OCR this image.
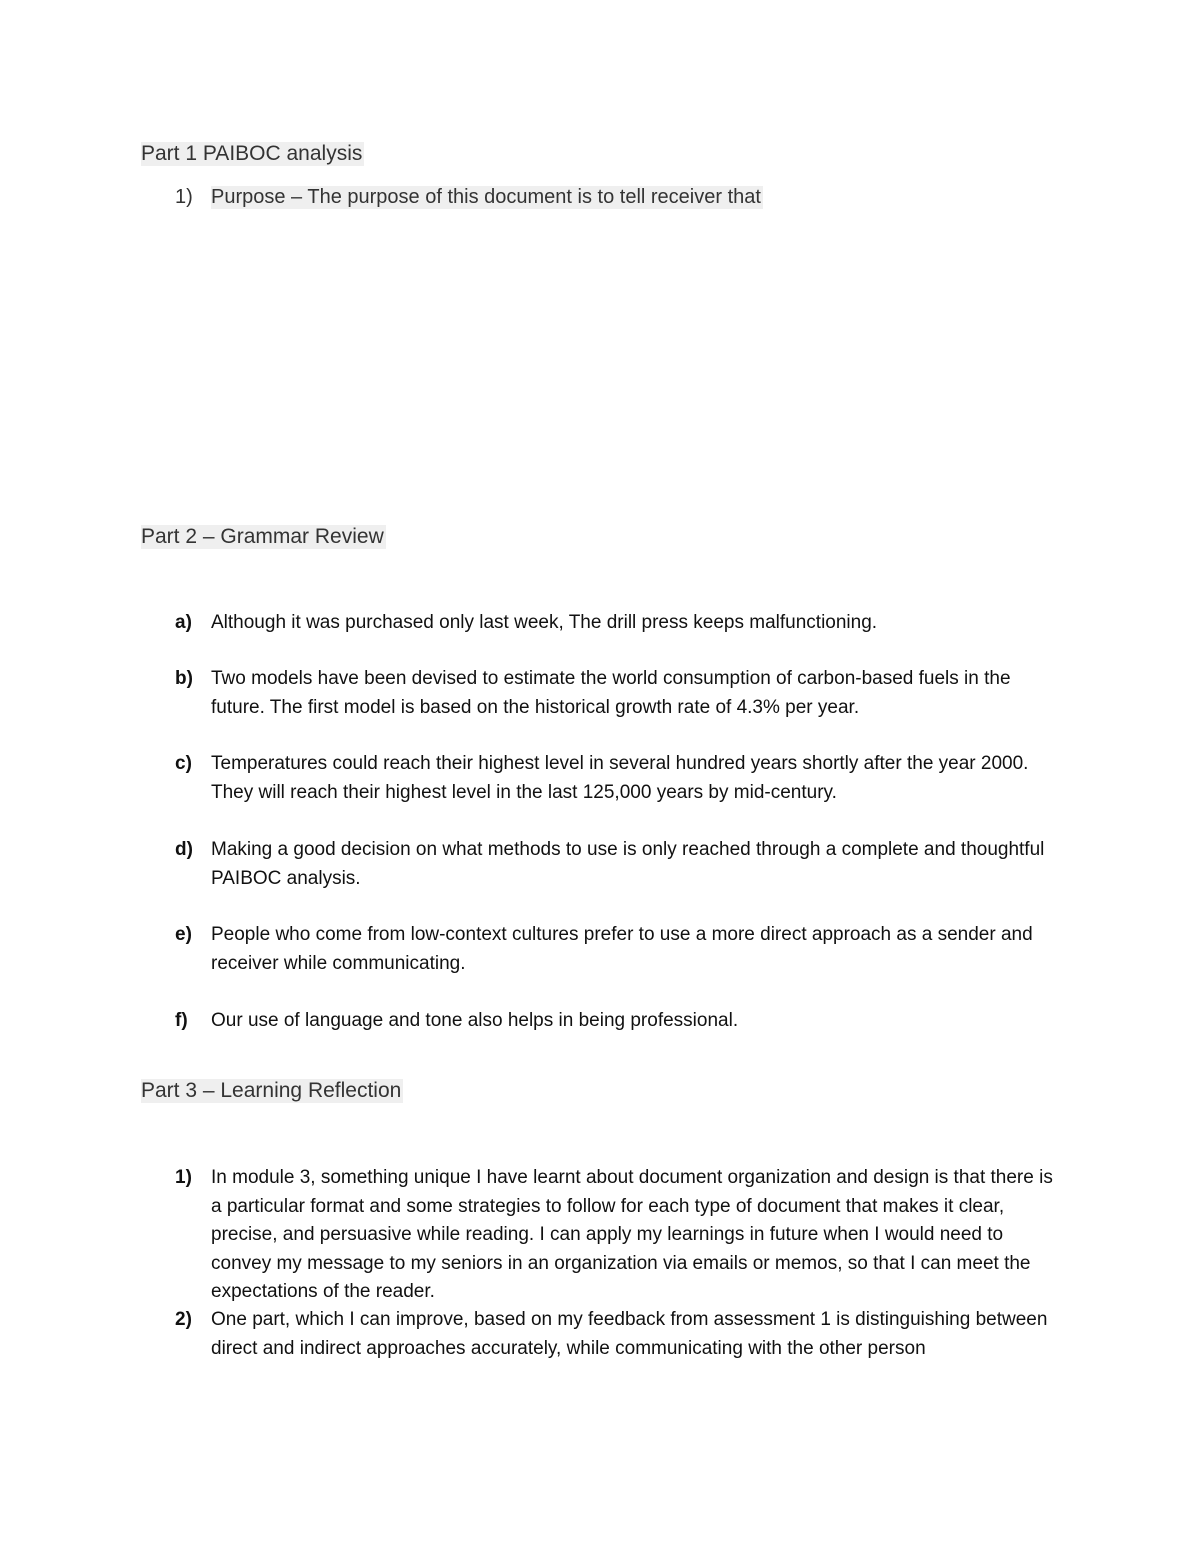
Part 1 PAIBOC analysis
1) Purpose – The purpose of this document is to tell receiver that
Part 2 – Grammar Review
a)	Although it was purchased only last week, The drill press keeps malfunctioning.
b) Two models have been devised to estimate the world consumption of carbon-based fuels in the future. The first model is based on the historical growth rate of 4.3% per year.
c)	Temperatures could reach their highest level in several hundred years shortly after the year 2000. They will reach their highest level in the last 125,000 years by mid-century.
d) Making a good decision on what methods to use is only reached through a complete and thoughtful PAIBOC analysis.
e)	People who come from low-context cultures prefer to use a more direct approach as a sender and receiver while communicating.
f)	Our use of language and tone also helps in being professional.
Part 3 – Learning Reflection
1)	In module 3, something unique I have learnt about document organization and design is that there is a particular format and some strategies to follow for each type of document that makes it clear, precise, and persuasive while reading. I can apply my learnings in future when I would need to convey my message to my seniors in an organization via emails or memos, so that I can meet the expectations of the reader.
2)	One part, which I can improve, based on my feedback from assessment 1 is distinguishing between direct and indirect approaches accurately, while communicating with the other person
